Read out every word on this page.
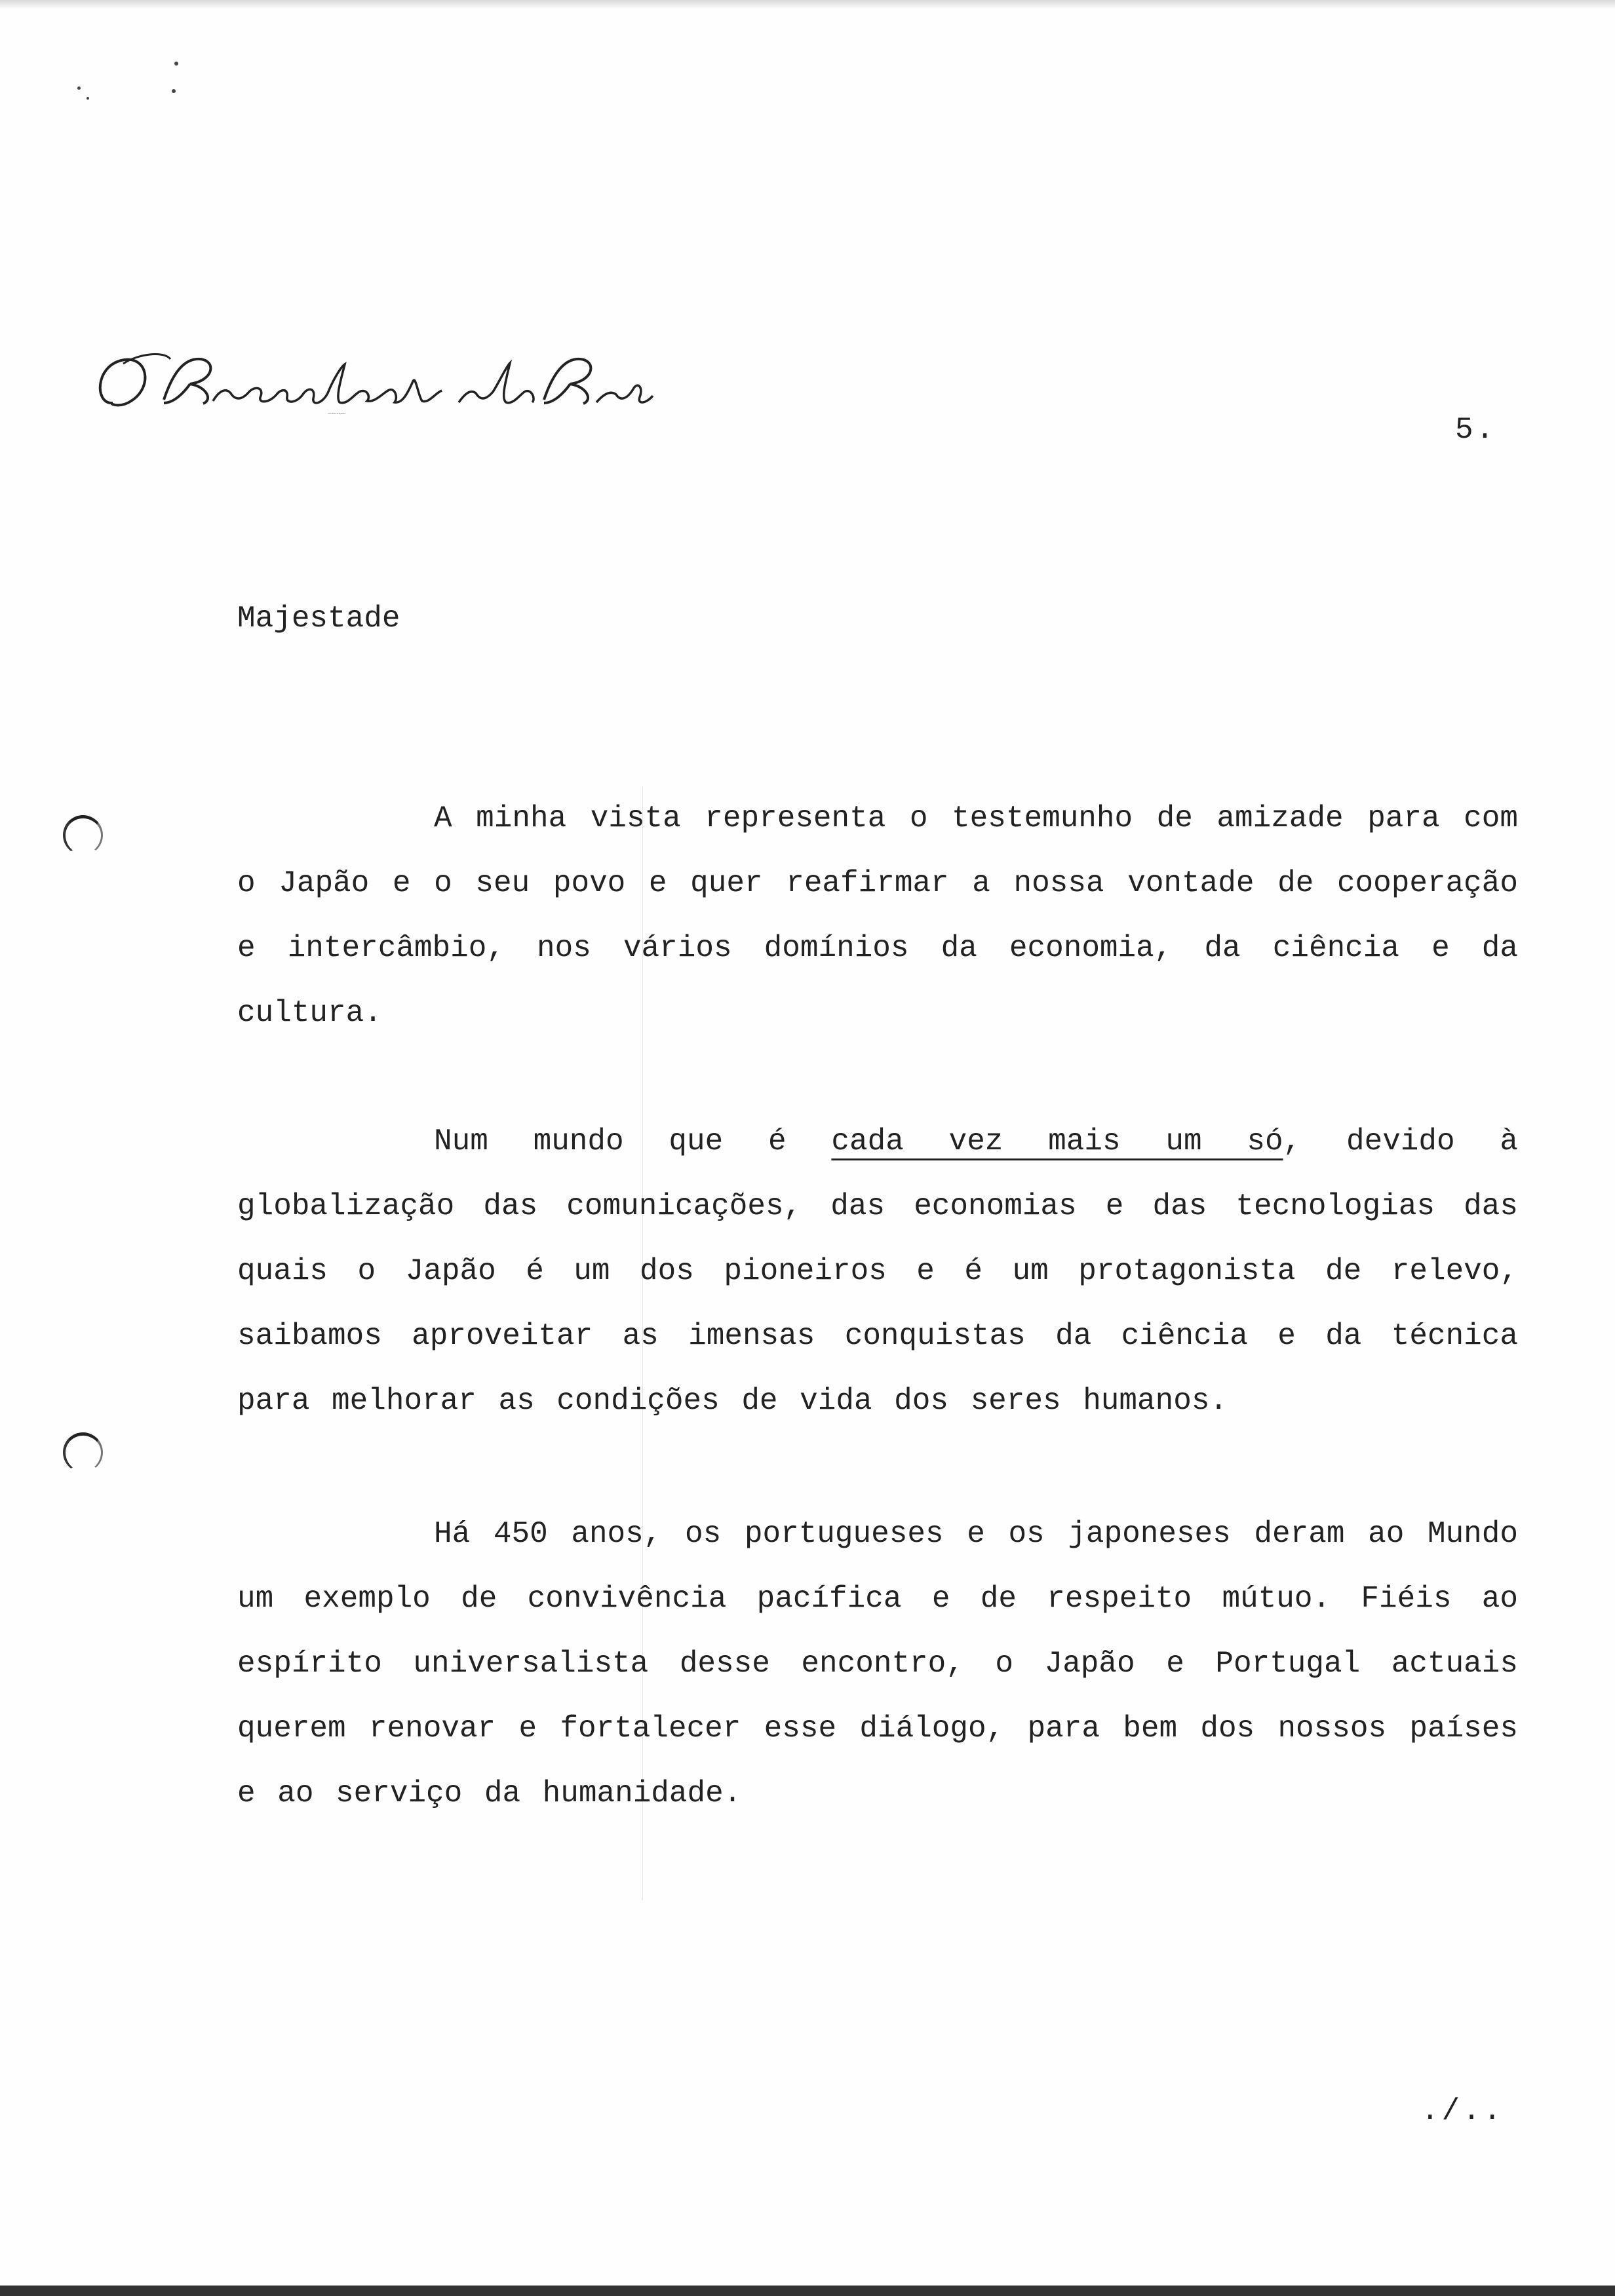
O Presidente da República	5.
Majestade

A minha vista representa o testemunho de amizade para com o Japão e o seu povo e quer reafirmar a nossa vontade de cooperação e intercâmbio, nos vários domínios da economia, da ciência e da cultura.

Num mundo que é cada vez mais um só, devido à globalização das comunicações, das economias e das tecnologias das quais o Japão é um dos pioneiros e é um protagonista de relevo, saibamos aproveitar as imensas conquistas da ciência e da técnica para melhorar as condições de vida dos seres humanos.

Há 450 anos, os portugueses e os japoneses deram ao Mundo um exemplo de convivência pacífica e de respeito mútuo. Fiéis ao espírito universalista desse encontro, o Japão e Portugal actuais querem renovar e fortalecer esse diálogo, para bem dos nossos países e ao serviço da humanidade.

./..
